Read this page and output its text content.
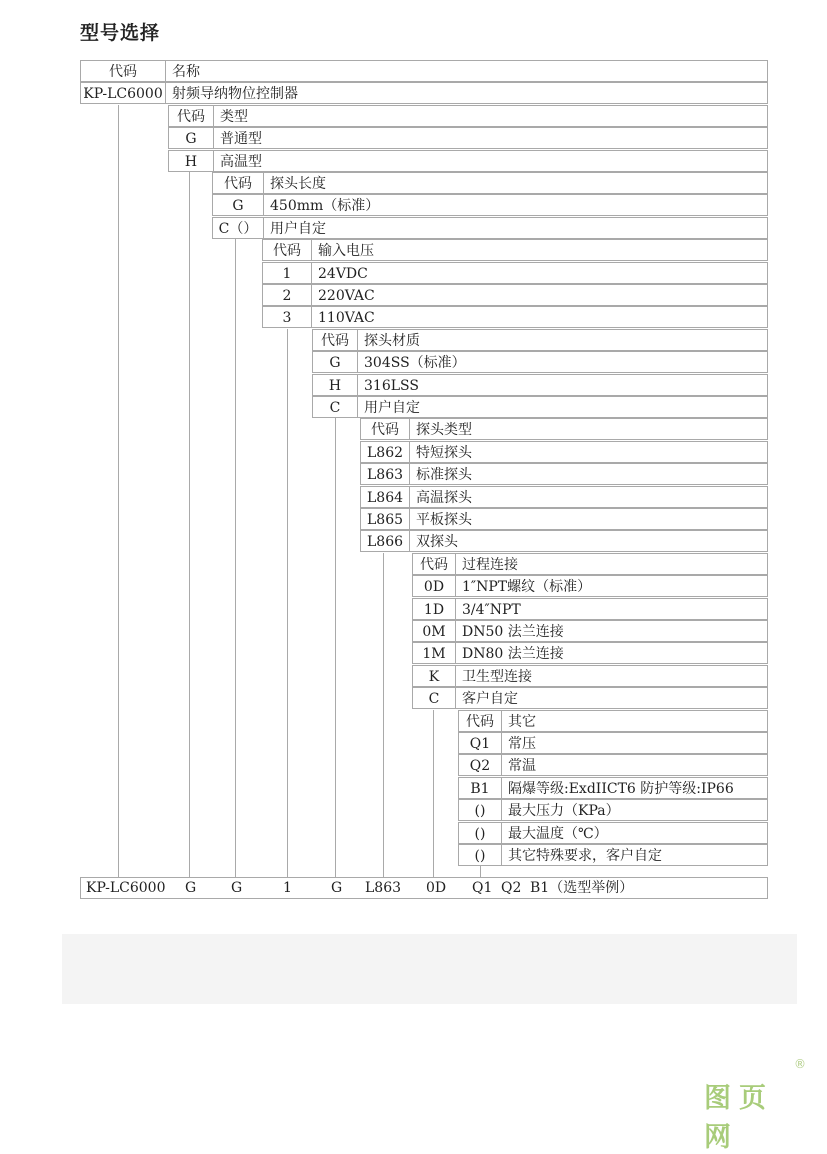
型号选择
代码	名称
KP-LC6000 射频导纳物位控制器
代码	类型
G	普通型
H	高温型
代码	探头长度
G	450mm（标准）
C（） 用户自定
代码	输入电压
1	24VDC
2	220VAC
3	110VAC
代码	探头材质
G	304SS（标准）
H	316LSS
C	用户自定
代码	探头类型
L862 特短探头
L863 标准探头
L864 高温探头
L865 平板探头
L866 双探头
代码	过程连接
0D	1″NPT螺纹（标准）
1D	3/4″NPT
0M	DN50 法兰连接
1M	DN80 法兰连接
K	卫生型连接
C	客户自定
代码	其它
Q1	常压
Q2	常温
B1	隔爆等级:ExdIICT6 防护等级:IP66
()	最大压力（KPa）
()	最大温度（℃）
()	其它特殊要求，客户自定
KP-LC6000 G G	1	G L863 0D Q1 Q2 B1（选型举例）
图页网
®
